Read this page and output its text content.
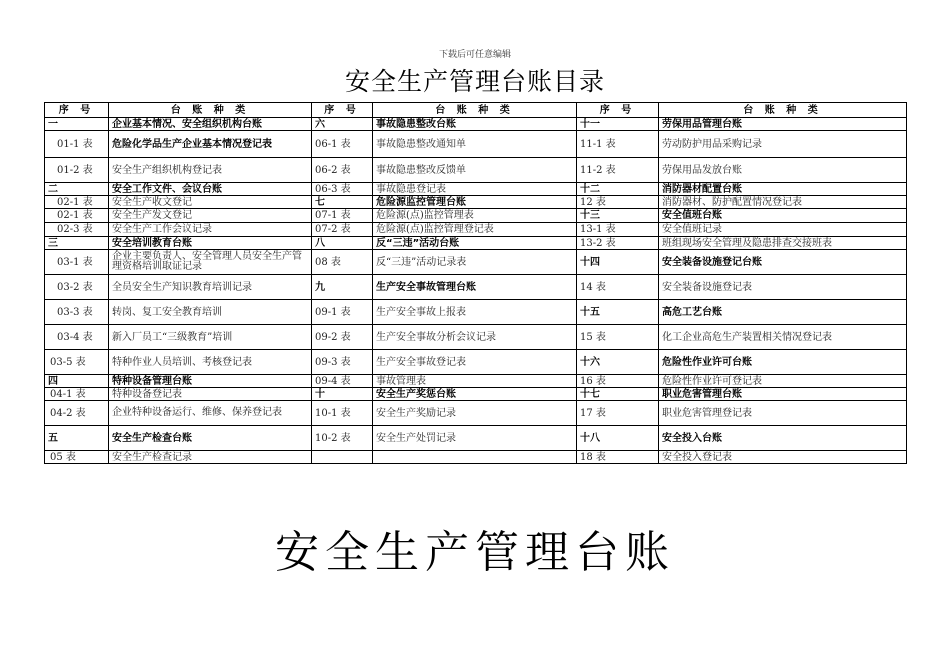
下载后可任意编辑
安全生产管理台账目录
序 号	台 账 种 类	序 号	台 账 种 类	序 号	台 账 种 类
一	企业基本情况、安全组织机构台账	六	事故隐患整改台账	十一	劳保用品管理台账
01-1 表	危险化学品生产企业基本情况登记表	06-1 表	事故隐患整改通知单	11-1 表	劳动防护用品采购记录
01-2 表	安全生产组织机构登记表	06-2 表	事故隐患整改反馈单	11-2 表	劳保用品发放台账
二	安全工作文件、会议台账	06-3 表	事故隐患登记表	十二	消防器材配置台账
02-1 表	安全生产收文登记	七	危险源监控管理台账	12 表	消防器材、防护配置情况登记表
02-1 表	安全生产发文登记	07-1 表	危险源(点)监控管理表	十三	安全值班台账
02-3 表	安全生产工作会议记录	07-2 表	危险源(点)监控管理登记表	13-1 表	安全值班记录
三	安全培训教育台账	八	反“三违”活动台账	13-2 表	班组现场安全管理及隐患排查交接班表
03-1 表	企业主要负责人、安全管理人员安全生产管理资格培训取证记录	08 表	反“三违”活动记录表	十四	安全装备设施登记台账
03-2 表	全员安全生产知识教育培训记录	九	生产安全事故管理台账	14 表	安全装备设施登记表
03-3 表	转岗、复工安全教育培训	09-1 表	生产安全事故上报表	十五	高危工艺台账
03-4 表	新入厂员工“三级教育”培训	09-2 表	生产安全事故分析会议记录	15 表	化工企业高危生产装置相关情况登记表
03-5 表	特种作业人员培训、考核登记表	09-3 表	生产安全事故登记表	十六	危险性作业许可台账
四	特种设备管理台账	09-4 表	事故管理表	16 表	危险性作业许可登记表
04-1 表	特种设备登记表	十	安全生产奖惩台账	十七	职业危害管理台账
04-2 表	企业特种设备运行、维修、保养登记表	10-1 表	安全生产奖励记录	17 表	职业危害管理登记表
五	安全生产检查台账	10-2 表	安全生产处罚记录	十八	安全投入台账
05 表	安全生产检查记录			18 表	安全投入登记表
安全生产管理台账
